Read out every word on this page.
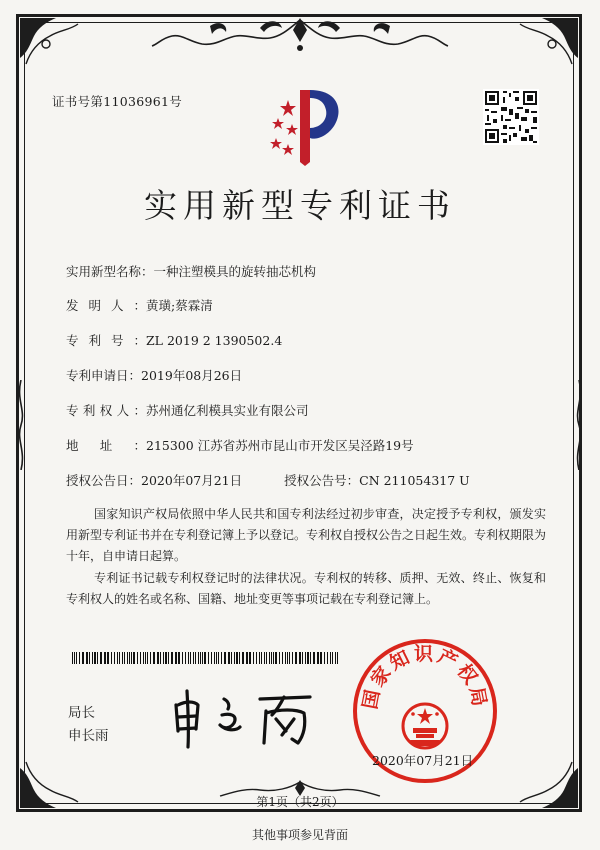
证书号第11036961号
实用新型专利证书
实用新型名称：一种注塑模具的旋转抽芯机构
发明人：黄璜;蔡霖清
专利号：ZL 2019 2 1390502.4
专利申请日：2019年08月26日
专利权人：苏州通亿利模具实业有限公司
地址：215300 江苏省苏州市昆山市开发区吴泾路19号
授权公告日：2020年07月21日	授权公告号：CN 211054317 U
国家知识产权局依照中华人民共和国专利法经过初步审查，决定授予专利权，颁发实用新型专利证书并在专利登记簿上予以登记。专利权自授权公告之日起生效。专利权期限为十年，自申请日起算。
专利证书记载专利权登记时的法律状况。专利权的转移、质押、无效、终止、恢复和专利权人的姓名或名称、国籍、地址变更等事项记载在专利登记簿上。
局长
申长雨
国家知识产权局
2020年07月21日
第1页（共2页）
其他事项参见背面
